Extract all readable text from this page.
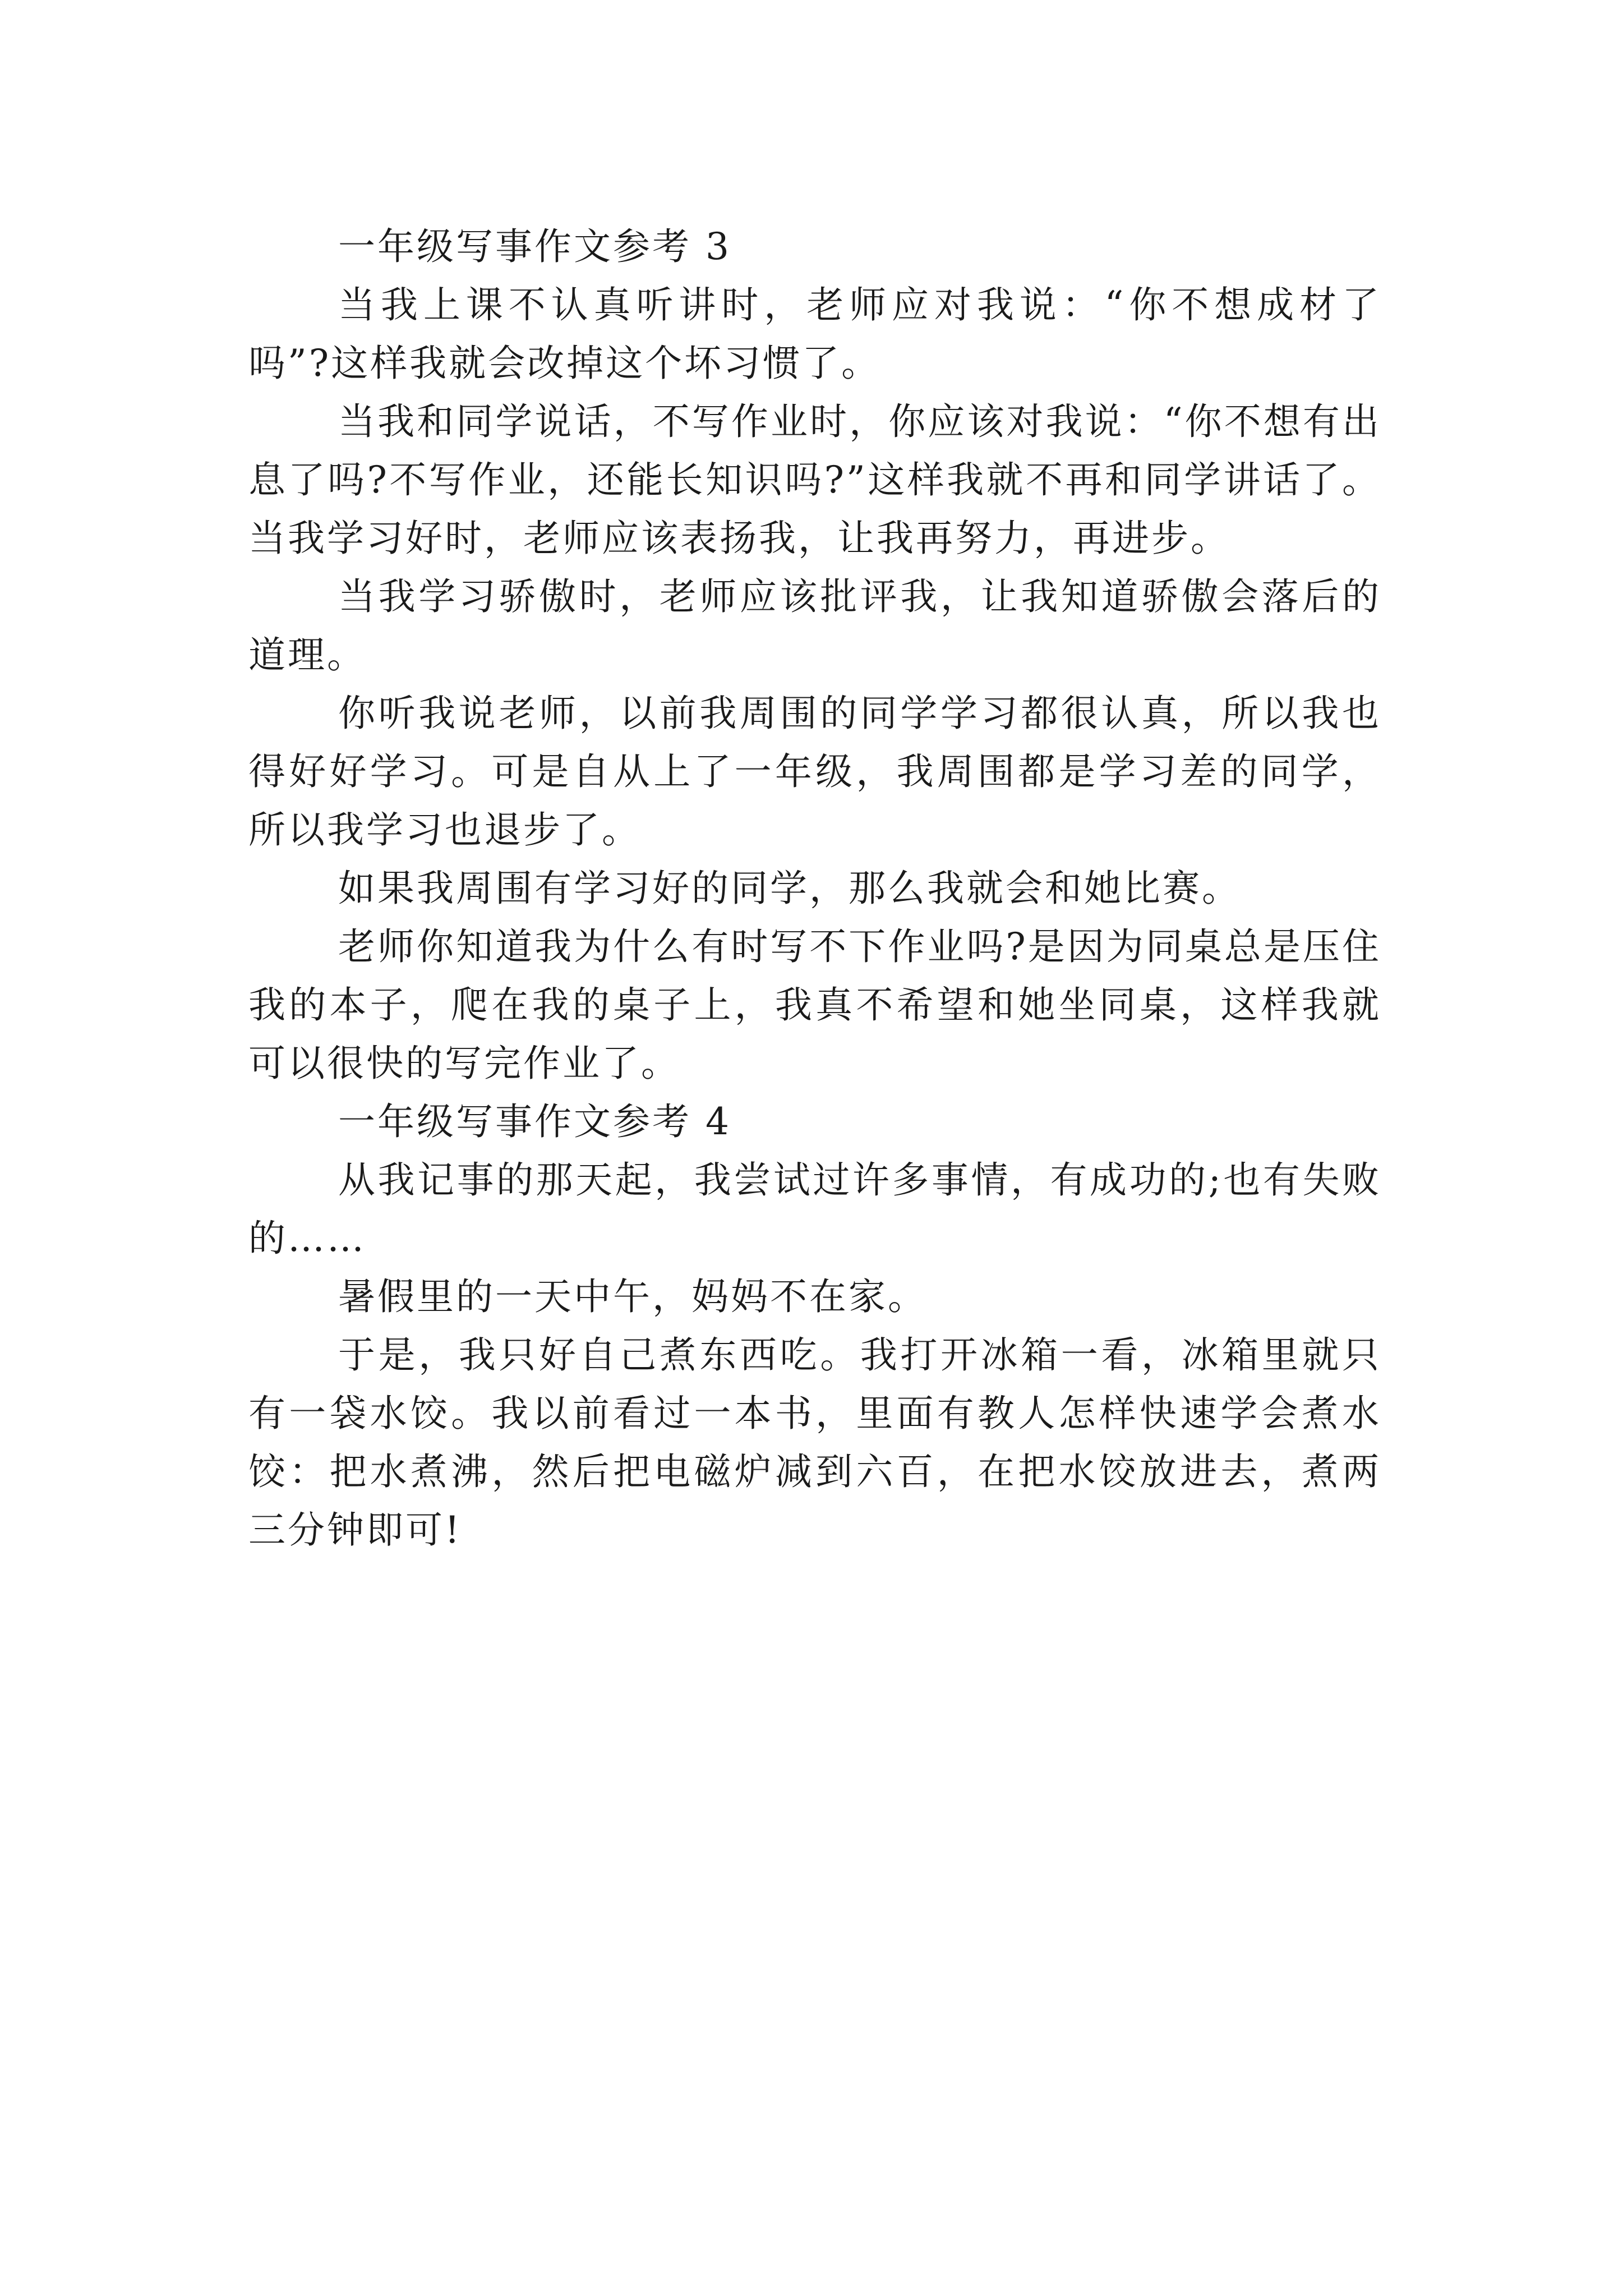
一年级写事作文参考 3

当我上课不认真听讲时，老师应对我说：“你不想成材了吗”?这样我就会改掉这个坏习惯了。

当我和同学说话，不写作业时，你应该对我说：“你不想有出息了吗?不写作业，还能长知识吗?”这样我就不再和同学讲话了。当我学习好时，老师应该表扬我，让我再努力，再进步。

当我学习骄傲时，老师应该批评我，让我知道骄傲会落后的道理。

你听我说老师，以前我周围的同学学习都很认真，所以我也得好好学习。可是自从上了一年级，我周围都是学习差的同学，所以我学习也退步了。

如果我周围有学习好的同学，那么我就会和她比赛。

老师你知道我为什么有时写不下作业吗?是因为同桌总是压住我的本子，爬在我的桌子上，我真不希望和她坐同桌，这样我就可以很快的写完作业了。

一年级写事作文参考 4

从我记事的那天起，我尝试过许多事情，有成功的;也有失败的……

暑假里的一天中午，妈妈不在家。

于是，我只好自己煮东西吃。我打开冰箱一看，冰箱里就只有一袋水饺。我以前看过一本书，里面有教人怎样快速学会煮水饺：把水煮沸，然后把电磁炉减到六百，在把水饺放进去，煮两三分钟即可!
